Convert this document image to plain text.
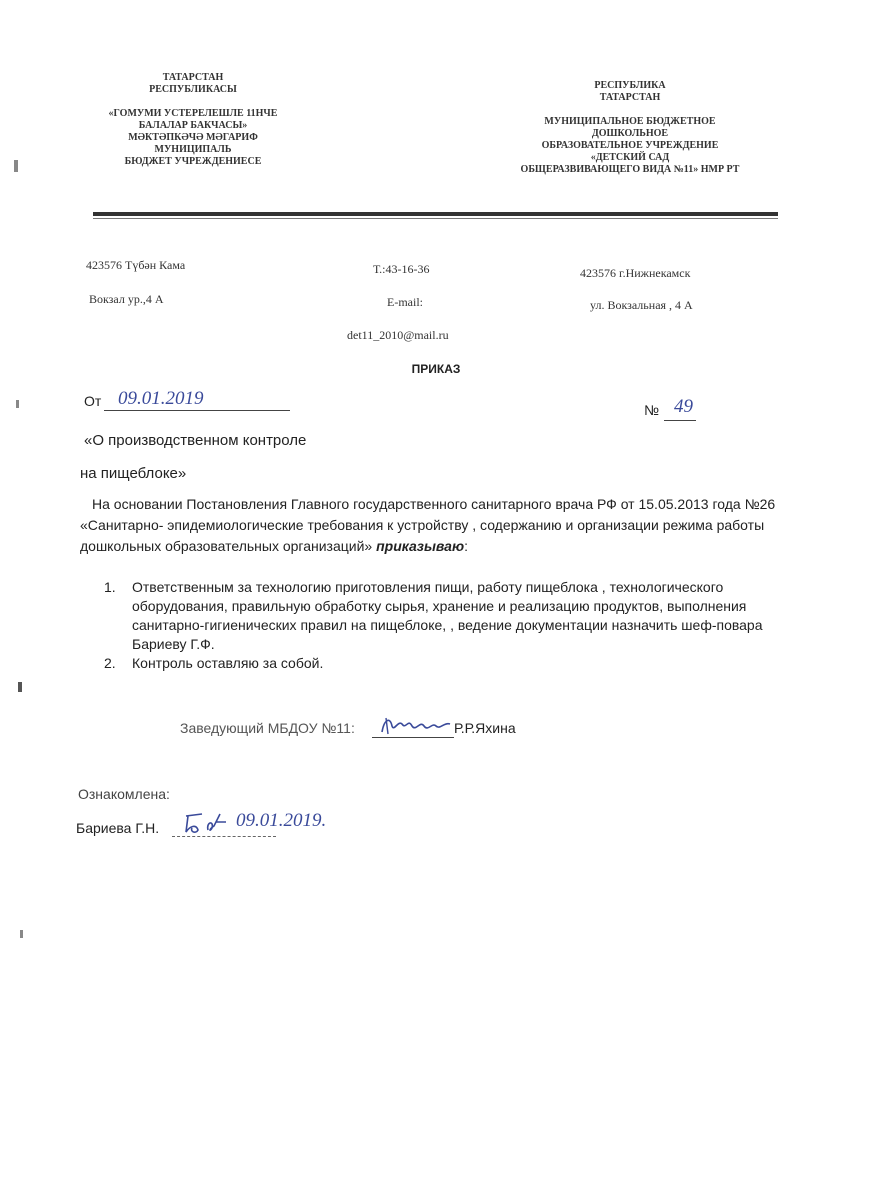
ТАТАРСТАН
РЕСПУБЛИКАСЫ
«ГОМУМИ УСТЕРЕЛЕШЛЕ 11НЧЕ
БАЛАЛАР БАКЧАСЫ»
МӘКТӘПКӘЧӘ МӘГАРИФ
МУНИЦИПАЛЬ
БЮДЖЕТ УЧРЕЖДЕНИЕСЕ
РЕСПУБЛИКА
ТАТАРСТАН
МУНИЦИПАЛЬНОЕ БЮДЖЕТНОЕ
ДОШКОЛЬНОЕ
ОБРАЗОВАТЕЛЬНОЕ УЧРЕЖДЕНИЕ
«ДЕТСКИЙ САД
ОБЩЕРАЗВИВАЮЩЕГО ВИДА №11» НМР РТ
423576 Түбән Кама
Вокзал ур.,4 А
Т.:43-16-36
E-mail:
det11_2010@mail.ru
423576 г.Нижнекамск
ул. Вокзальная , 4 А
ПРИКАЗ
От 09.01.2019
№ 49
«О производственном контроле
на пищеблоке»
На основании Постановления Главного государственного санитарного врача РФ от 15.05.2013 года №26 «Санитарно- эпидемиологические требования к устройству , содержанию и организации режима работы дошкольных образовательных организаций» приказываю:
1. Ответственным за технологию приготовления пищи, работу пищеблока , технологического оборудования, правильную обработку сырья, хранение и реализацию продуктов, выполнения санитарно-гигиенических правил на пищеблоке, , ведение документации назначить шеф-повара Бариеву Г.Ф.
2. Контроль оставляю за собой.
Заведующий МБДОУ №11:	Р.Р.Яхина
Ознакомлена:
Бариева Г.Н.	09.01.2019.
